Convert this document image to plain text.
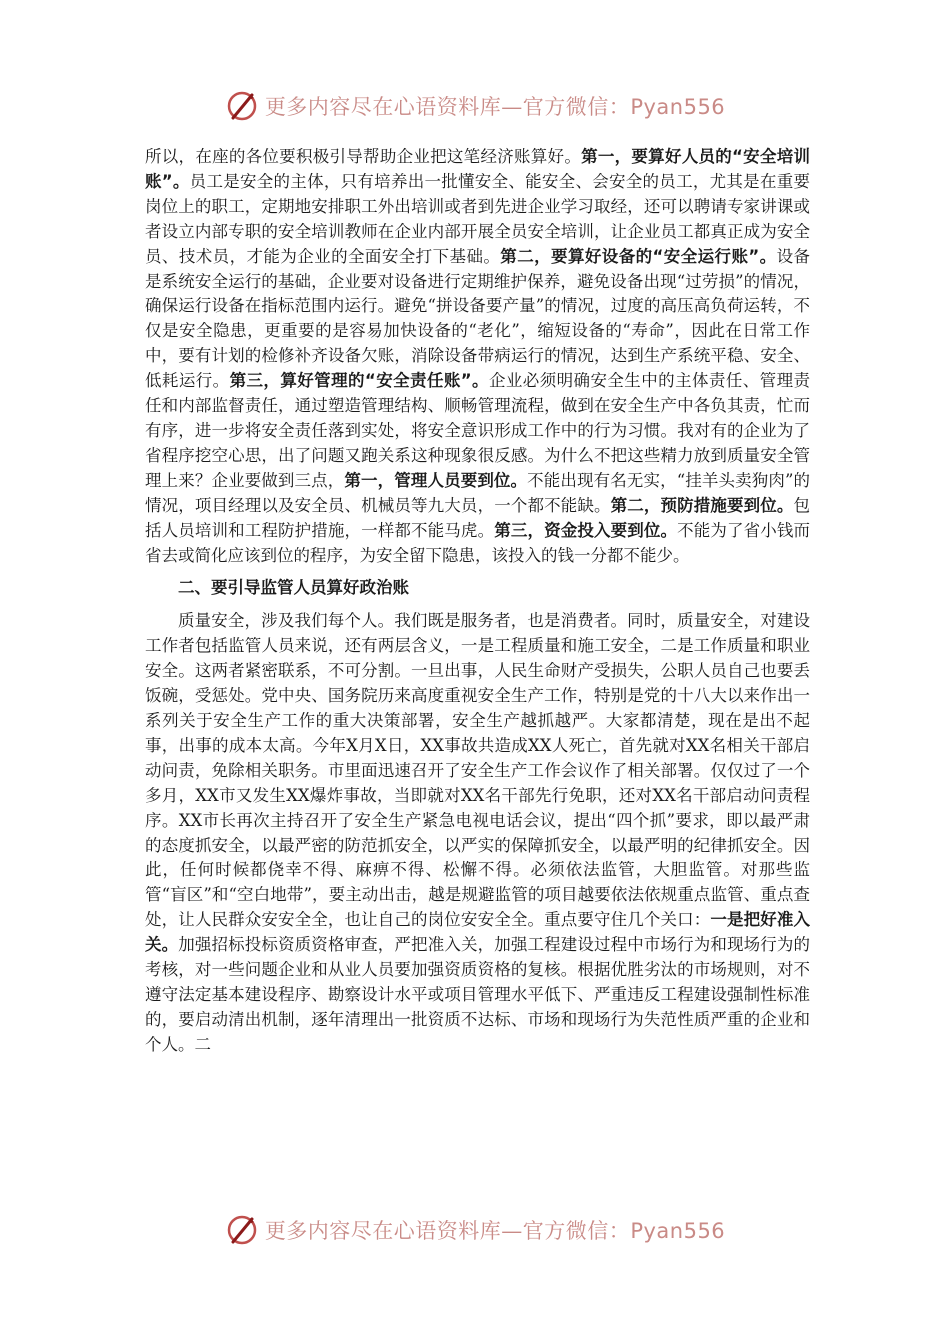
更多内容尽在心语资料库—官方微信：Pyan556

所以，在座的各位要积极引导帮助企业把这笔经济账算好。第一，要算好人员的“安全培训账”。员工是安全的主体，只有培养出一批懂安全、能安全、会安全的员工，尤其是在重要岗位上的职工，定期地安排职工外出培训或者到先进企业学习取经，还可以聘请专家讲课或者设立内部专职的安全培训教师在企业内部开展全员安全培训，让企业员工都真正成为安全员、技术员，才能为企业的全面安全打下基础。第二，要算好设备的“安全运行账”。设备是系统安全运行的基础，企业要对设备进行定期维护保养，避免设备出现“过劳损”的情况，确保运行设备在指标范围内运行。避免“拼设备要产量”的情况，过度的高压高负荷运转，不仅是安全隐患，更重要的是容易加快设备的“老化”，缩短设备的“寿命”，因此在日常工作中，要有计划的检修补齐设备欠账，消除设备带病运行的情况，达到生产系统平稳、安全、低耗运行。第三，算好管理的“安全责任账”。企业必须明确安全生中的主体责任、管理责任和内部监督责任，通过塑造管理结构、顺畅管理流程，做到在安全生产中各负其责，忙而有序，进一步将安全责任落到实处，将安全意识形成工作中的行为习惯。我对有的企业为了省程序挖空心思，出了问题又跑关系这种现象很反感。为什么不把这些精力放到质量安全管理上来？企业要做到三点，第一，管理人员要到位。不能出现有名无实，“挂羊头卖狗肉”的情况，项目经理以及安全员、机械员等九大员，一个都不能缺。第二，预防措施要到位。包括人员培训和工程防护措施，一样都不能马虎。第三，资金投入要到位。不能为了省小钱而省去或简化应该到位的程序，为安全留下隐患，该投入的钱一分都不能少。

二、要引导监管人员算好政治账

质量安全，涉及我们每个人。我们既是服务者，也是消费者。同时，质量安全，对建设工作者包括监管人员来说，还有两层含义，一是工程质量和施工安全，二是工作质量和职业安全。这两者紧密联系，不可分割。一旦出事，人民生命财产受损失，公职人员自己也要丢饭碗，受惩处。党中央、国务院历来高度重视安全生产工作，特别是党的十八大以来作出一系列关于安全生产工作的重大决策部署，安全生产越抓越严。大家都清楚，现在是出不起事，出事的成本太高。今年X月X日，XX事故共造成XX人死亡，首先就对XX名相关干部启动问责，免除相关职务。市里面迅速召开了安全生产工作会议作了相关部署。仅仅过了一个多月，XX市又发生XX爆炸事故，当即就对XX名干部先行免职，还对XX名干部启动问责程序。XX市长再次主持召开了安全生产紧急电视电话会议，提出“四个抓”要求，即以最严肃的态度抓安全，以最严密的防范抓安全，以严实的保障抓安全，以最严明的纪律抓安全。因此，任何时候都侥幸不得、麻痹不得、松懈不得。必须依法监管，大胆监管。对那些监管“盲区”和“空白地带”，要主动出击，越是规避监管的项目越要依法依规重点监管、重点查处，让人民群众安安全全，也让自己的岗位安安全全。重点要守住几个关口：一是把好准入关。加强招标投标资质资格审查，严把准入关，加强工程建设过程中市场行为和现场行为的考核，对一些问题企业和从业人员要加强资质资格的复核。根据优胜劣汰的市场规则，对不遵守法定基本建设程序、勘察设计水平或项目管理水平低下、严重违反工程建设强制性标准的，要启动清出机制，逐年清理出一批资质不达标、市场和现场行为失范性质严重的企业和个人。二

更多内容尽在心语资料库—官方微信：Pyan556
